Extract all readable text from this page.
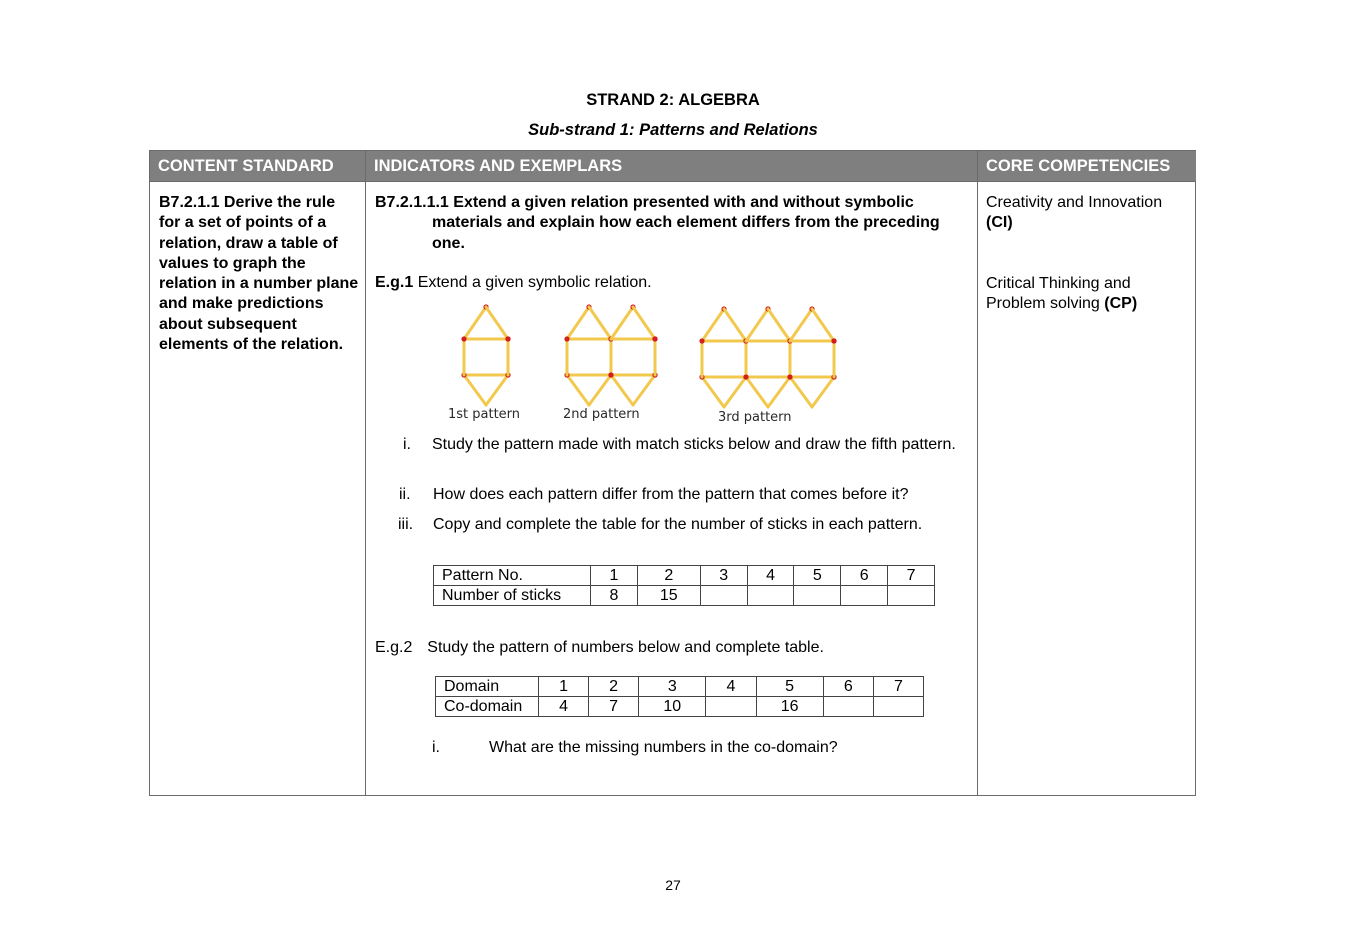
STRAND 2: ALGEBRA
Sub-strand 1: Patterns and Relations
CONTENT STANDARD	INDICATORS AND EXEMPLARS	CORE COMPETENCIES
B7.2.1.1 Derive the rule for a set of points of a relation, draw a table of values to graph the relation in a number plane and make predictions about subsequent elements of the relation.
B7.2.1.1.1 Extend a given relation presented with and without symbolic
materials and explain how each element differs from the preceding one.
E.g.1 Extend a given symbolic relation.
1st pattern	2nd pattern	3rd pattern
i. Study the pattern made with match sticks below and draw the fifth pattern.
ii. How does each pattern differ from the pattern that comes before it?
iii. Copy and complete the table for the number of sticks in each pattern.
Pattern No.	1	2	3	4	5	6	7
Number of sticks	8	15					
E.g.2 Study the pattern of numbers below and complete table.
Domain	1	2	3	4	5	6	7
Co-domain	4	7	10		16		
i.	What are the missing numbers in the co-domain?
Creativity and Innovation
(CI)
Critical Thinking and
Problem solving (CP)
27
